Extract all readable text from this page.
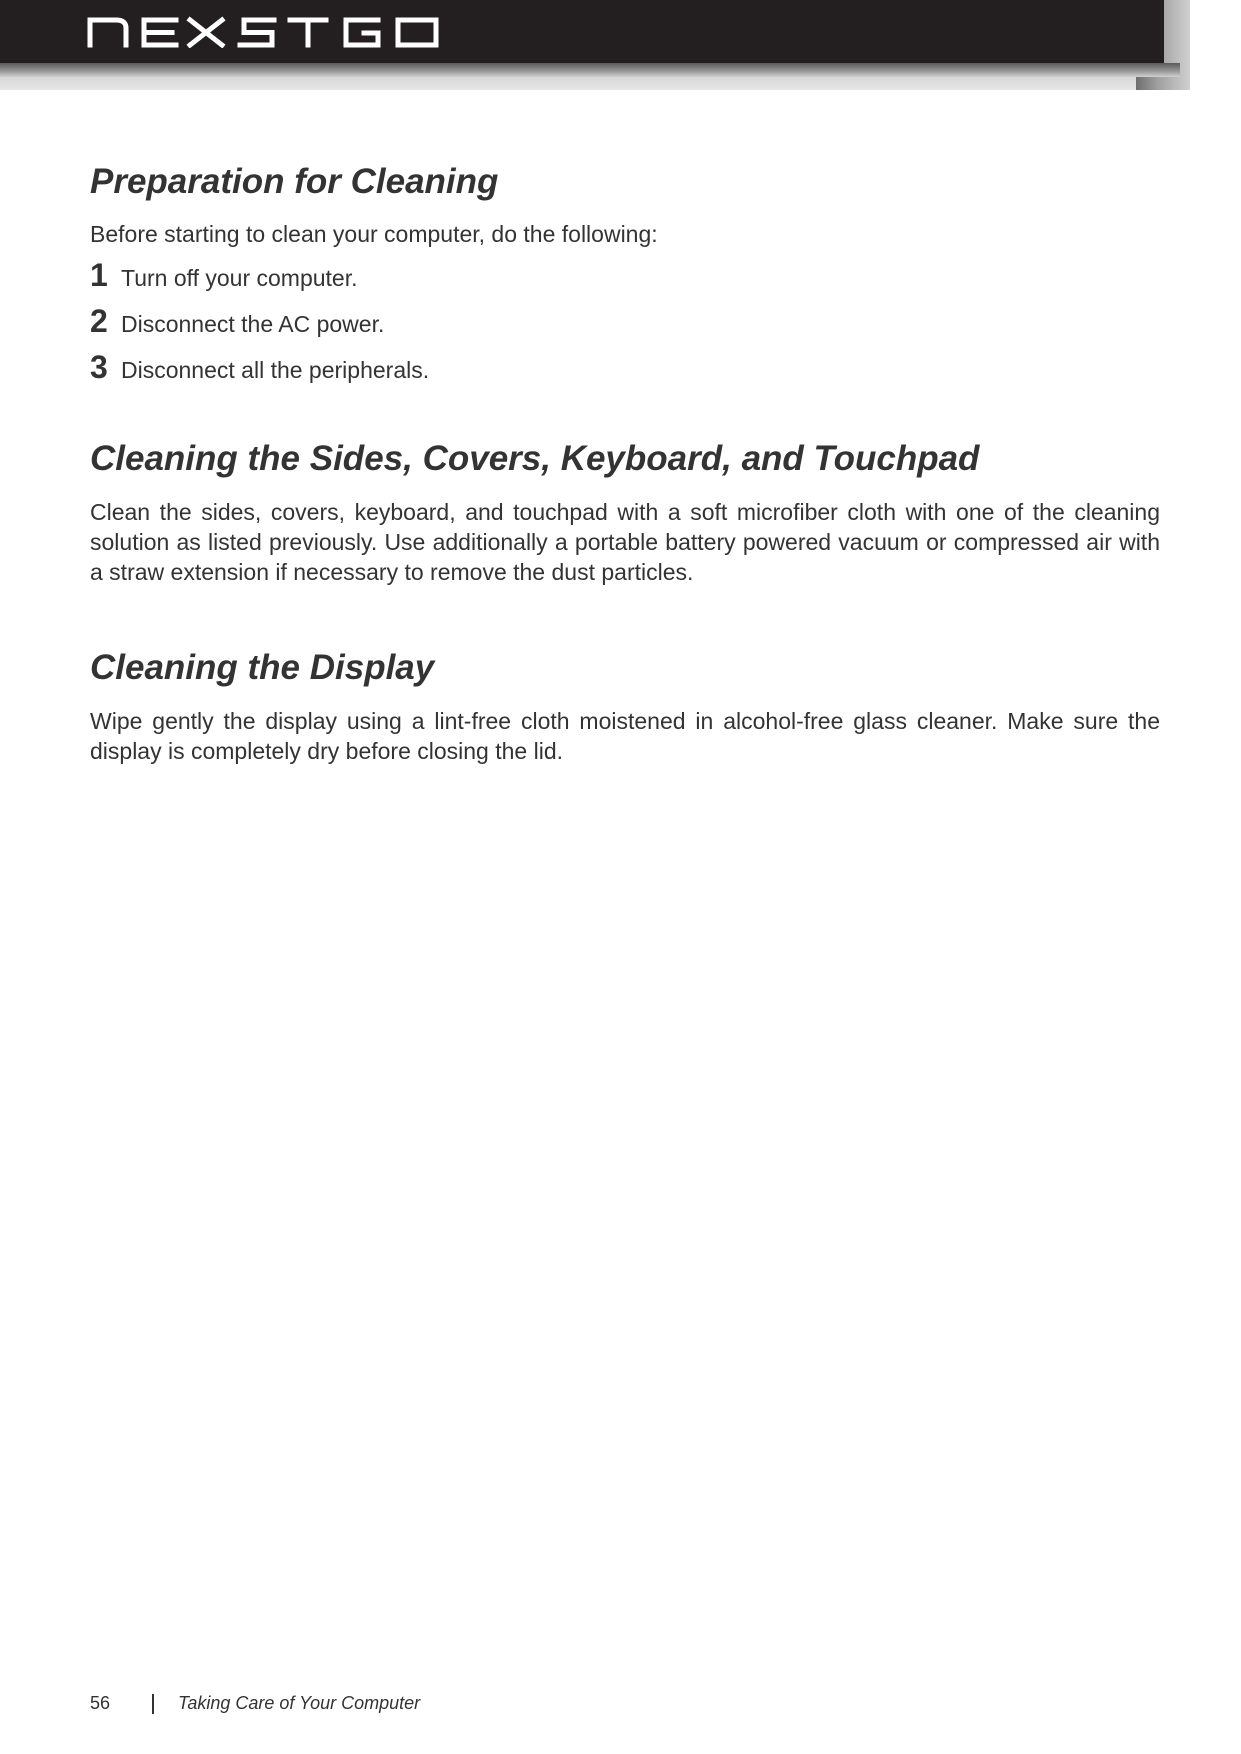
Preparation for Cleaning

Before starting to clean your computer, do the following:

1 Turn off your computer.
2 Disconnect the AC power.
3 Disconnect all the peripherals.
Cleaning the Sides, Covers, Keyboard, and Touchpad

Clean the sides, covers, keyboard, and touchpad with a soft microfiber cloth with one of the cleaning solution as listed previously. Use additionally a portable battery powered vacuum or compressed air with a straw extension if necessary to remove the dust particles.

Cleaning the Display

Wipe gently the display using a lint-free cloth moistened in alcohol-free glass cleaner. Make sure the display is completely dry before closing the lid.

56	Taking Care of Your Computer
